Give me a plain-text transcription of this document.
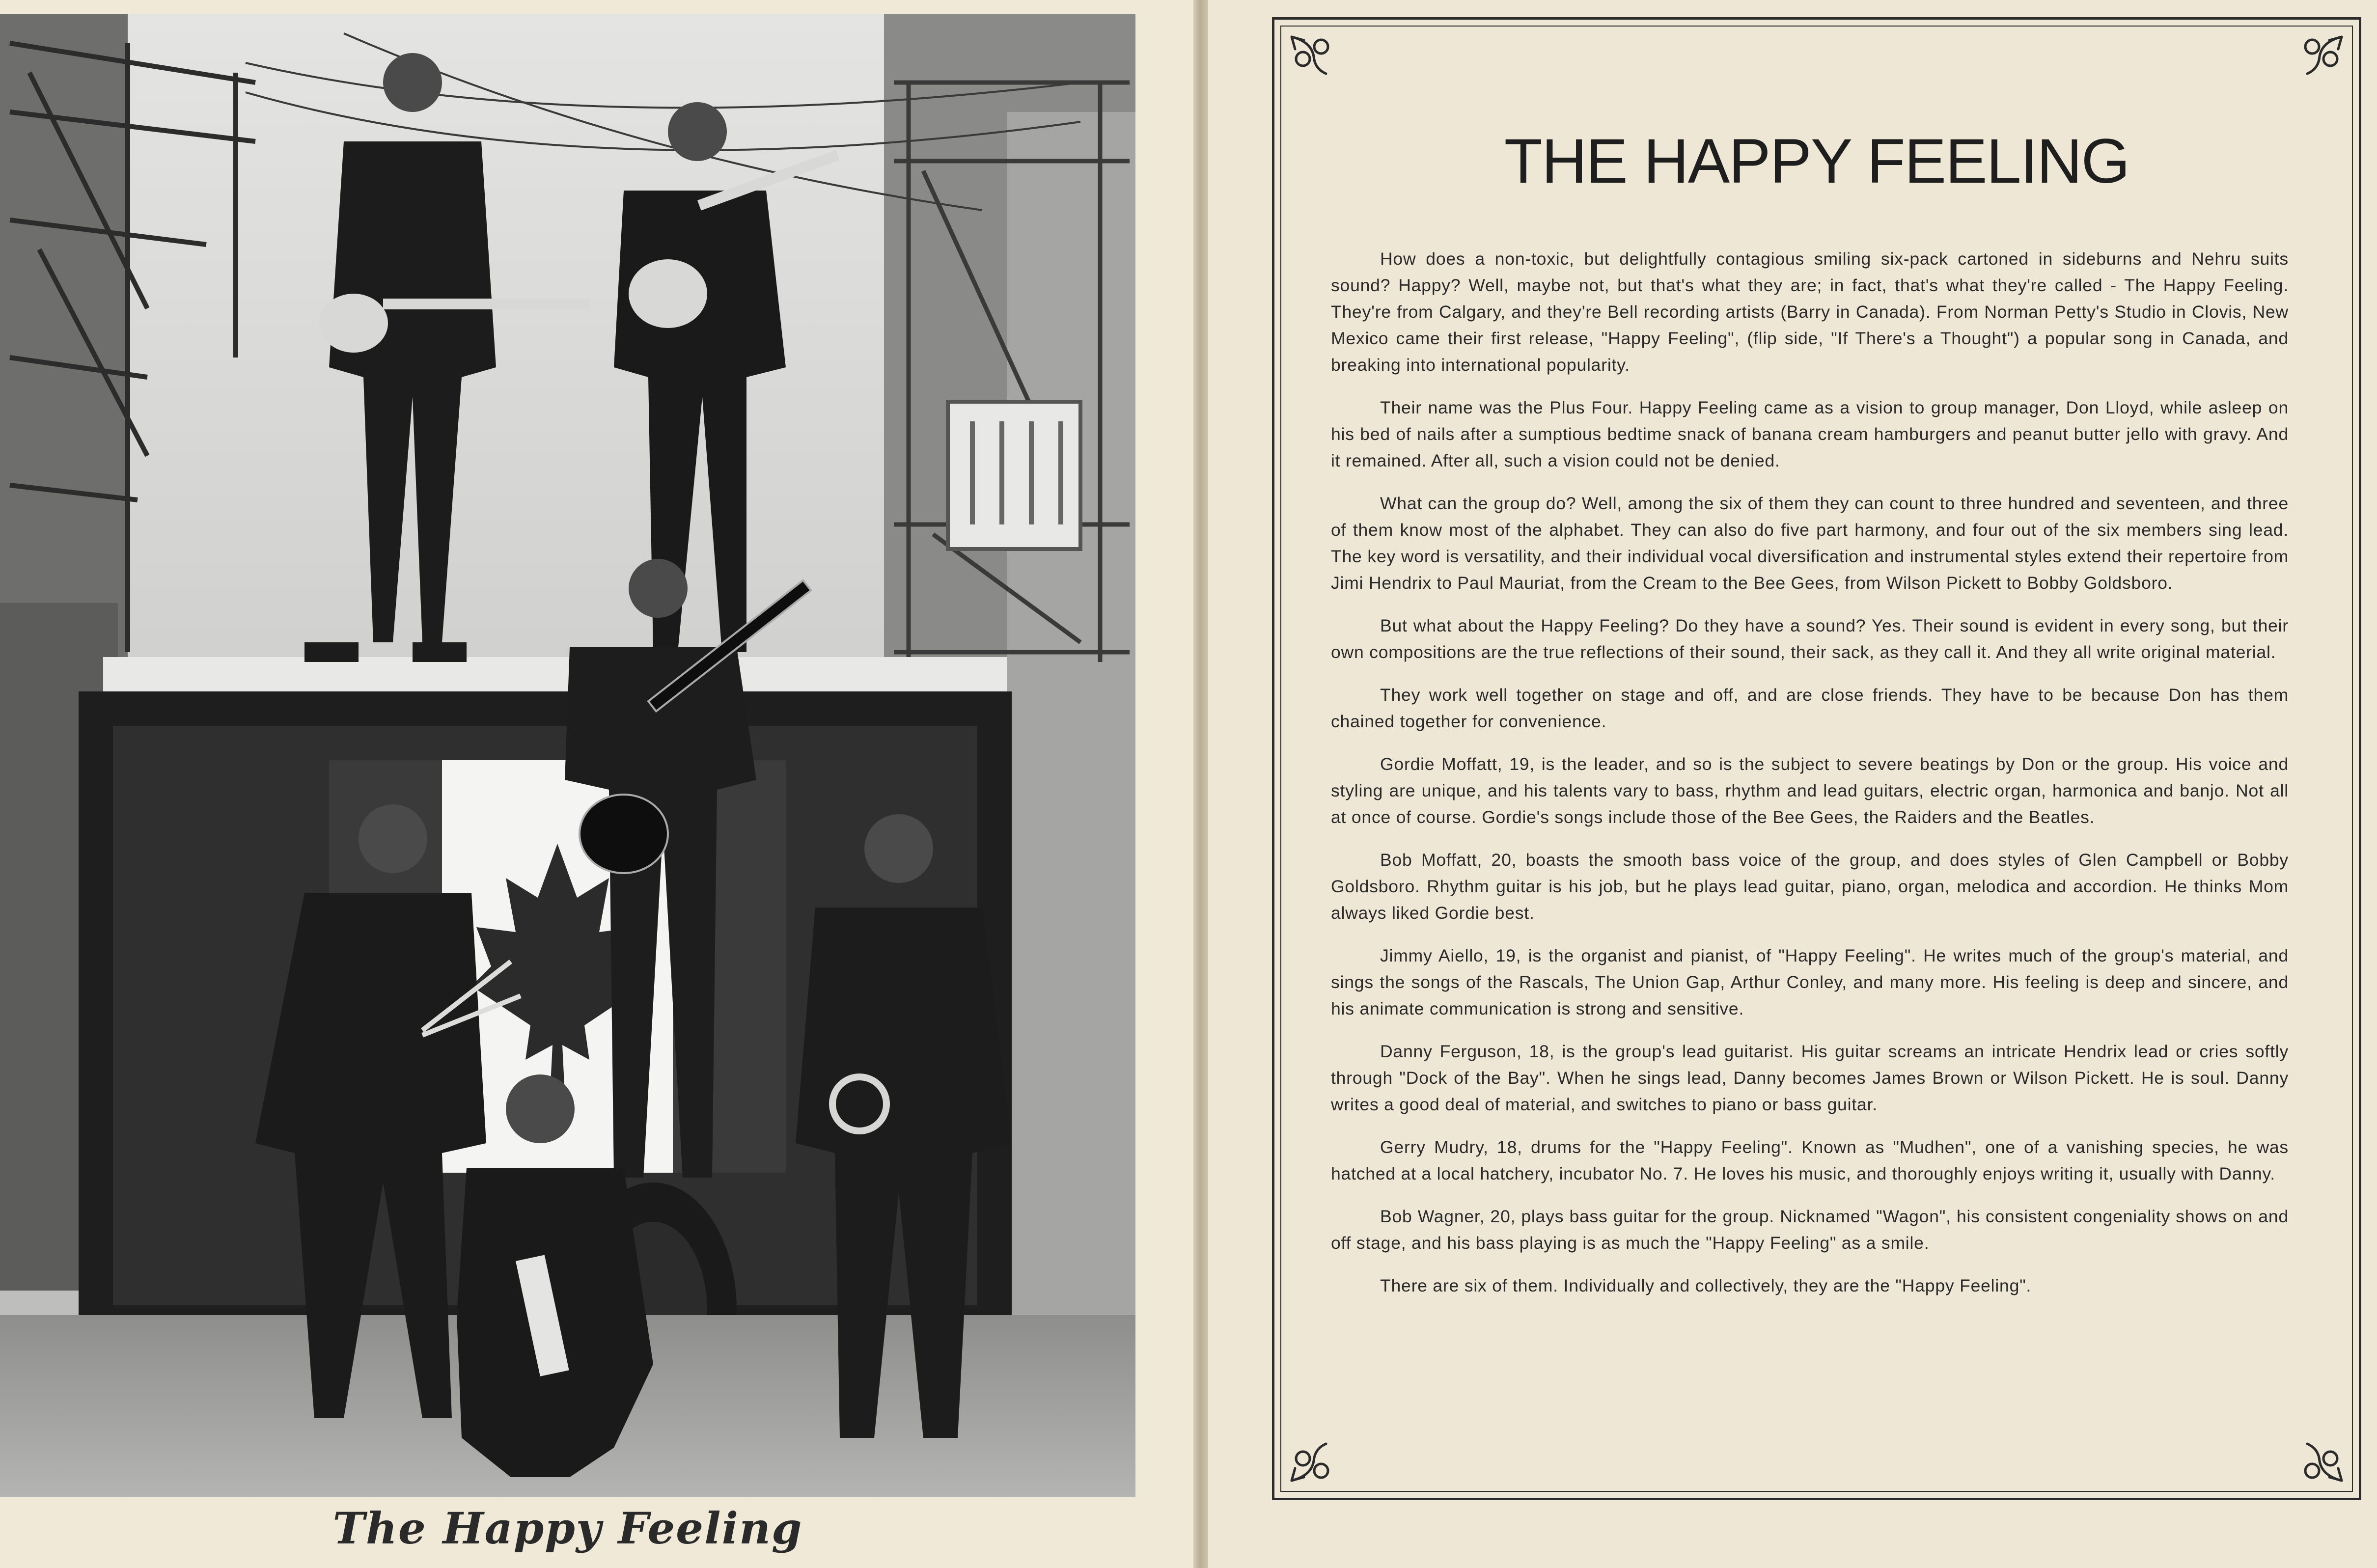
The Happy Feeling
THE HAPPY FEELING

How does a non-toxic, but delightfully contagious smiling six-pack cartoned in sideburns and Nehru suits sound? Happy? Well, maybe not, but that's what they are; in fact, that's what they're called - The Happy Feeling. They're from Calgary, and they're Bell recording artists (Barry in Canada). From Norman Petty's Studio in Clovis, New Mexico came their first release, "Happy Feeling", (flip side, "If There's a Thought") a popular song in Canada, and breaking into international popularity.

Their name was the Plus Four. Happy Feeling came as a vision to group manager, Don Lloyd, while asleep on his bed of nails after a sumptious bedtime snack of banana cream hamburgers and peanut butter jello with gravy. And it remained. After all, such a vision could not be denied.

What can the group do? Well, among the six of them they can count to three hundred and seventeen, and three of them know most of the alphabet. They can also do five part harmony, and four out of the six members sing lead. The key word is versatility, and their individual vocal diversification and instrumental styles extend their repertoire from Jimi Hendrix to Paul Mauriat, from the Cream to the Bee Gees, from Wilson Pickett to Bobby Goldsboro.

But what about the Happy Feeling? Do they have a sound? Yes. Their sound is evident in every song, but their own compositions are the true reflections of their sound, their sack, as they call it. And they all write original material.

They work well together on stage and off, and are close friends. They have to be because Don has them chained together for convenience.

Gordie Moffatt, 19, is the leader, and so is the subject to severe beatings by Don or the group. His voice and styling are unique, and his talents vary to bass, rhythm and lead guitars, electric organ, harmonica and banjo. Not all at once of course. Gordie's songs include those of the Bee Gees, the Raiders and the Beatles.

Bob Moffatt, 20, boasts the smooth bass voice of the group, and does styles of Glen Campbell or Bobby Goldsboro. Rhythm guitar is his job, but he plays lead guitar, piano, organ, melodica and accordion. He thinks Mom always liked Gordie best.

Jimmy Aiello, 19, is the organist and pianist, of "Happy Feeling". He writes much of the group's material, and sings the songs of the Rascals, The Union Gap, Arthur Conley, and many more. His feeling is deep and sincere, and his animate communication is strong and sensitive.

Danny Ferguson, 18, is the group's lead guitarist. His guitar screams an intricate Hendrix lead or cries softly through "Dock of the Bay". When he sings lead, Danny becomes James Brown or Wilson Pickett. He is soul. Danny writes a good deal of material, and switches to piano or bass guitar.

Gerry Mudry, 18, drums for the "Happy Feeling". Known as "Mudhen", one of a vanishing species, he was hatched at a local hatchery, incubator No. 7. He loves his music, and thoroughly enjoys writing it, usually with Danny.

Bob Wagner, 20, plays bass guitar for the group. Nicknamed "Wagon", his consistent congeniality shows on and off stage, and his bass playing is as much the "Happy Feeling" as a smile.

There are six of them. Individually and collectively, they are the "Happy Feeling".
